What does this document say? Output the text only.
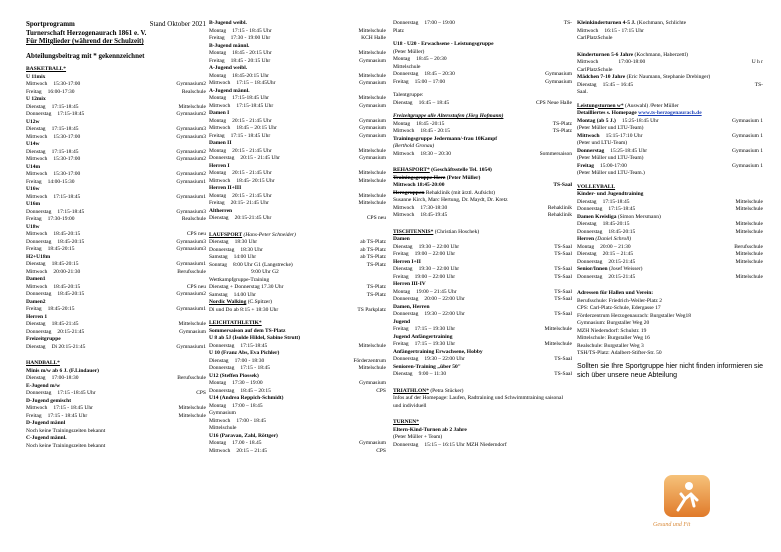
Sportprogramm	Stand Oktober 2021
Turnerschaft Herzogenaurach 1861 e. V.
Für Mitglieder (während der Schulzeit)
Abteilungsbeitrag mit * gekennzeichnet
BASKETBALL*
U 11mix
Mittwoch	15:30-17:00	Gymnasium2
Freitag	16:00-17:30	Realschule
U 12mix
Dienstag	17:15-18:45	Mittelschule
Donnerstag	17:15-18:45	Gymnasium2
U12w
Dienstag	17:15-18:45	Gymnasium3
Mittwoch	15:30-17:00	Gymnasium3
U14w
Dienstag	17:15-18:45	Gymnasium2
Mittwoch	15:30-17:00	Gymnasium2
U14m
Mittwoch	15:30-17:00	Gymnasium2
Freitag	14:00-15:30	Gymnasium1
U16w
Mittwoch	17:15-18:45	Gymnasium1
U16m
Donnerstag	17:15-18:45	Gymnasium3
Freitag	17:30-19:00	Realschule
U18w
Mittwoch	18:45-20:15	CPS neu
Donnerstag	18:45-20:15	Gymnasium3
Freitag	18:45-20:15	Gymnasium3
H2+U18m
Dienstag	18:45-20:15	Gymnasium1
Mittwoch	20:00-21:30	Berufsschule
Damen1
Mittwoch	18:45-20:15	CPS neu
Donnerstag	18:45-20:15	Gymnasium2
Damen2
Freitag	18:45-20:15	Gymnasium1
Herren 1
Dienstag	18:45-21:45	Mittelschule
Donnerstag	20:15-21:45	Gymnasium
Freizeitgruppe
Dienstag	Di 20:15-21:45	Gymnasium1
HANDBALL*
Minis m/w ab 6 J. (F.Lindauer)
Dienstag	17:00-18:30	Berufsschule
E-Jugend m/w
Donnerstag	17:15 -18:45 Uhr	CPS
D-Jugend gemischt
Mittwoch	17:15 - 18:45 Uhr	Mittelschule
Freitag	17:15 - 18:45 Uhr	Mittelschule
D-Jugend männl
Noch keine Trainingszeiten bekannt
C-Jugend männl.
Noch keine Trainingszeiten bekannt
B-Jugend weibl.
Montag	17:15 - 18:45 Uhr	Mittelschule
Freitag	17:30 - 19:00 Uhr	KCH Halle
B-Jugend männl.
Montag	18:45 - 20:15 Uhr	Mittelschule
Freitag	18:45 - 20:15 Uhr	Gymnasium
A-Jugend weibl.
Montag	18:45-20:15 Uhr	Mittelschule
Mittwoch	17:15 – 18:45Uhr	Gymnasium
A-Jugend männl.
Montag	17:15-18:45 Uhr	Mittelschule
Mittwoch	17:15-18:45 Uhr	Gymnasium
Damen I
Montag	20:15 - 21:45 Uhr	Gymnasium
Mittwoch	18:45 – 20:15 Uhr	Gymnasium
Freitag	17:15 - 18:45 Uhr	Gymnasium
Damen II
Montag	20:15 - 21:45 Uhr	Mittelschule
Donnerstag	20:15 - 21:45 Uhr	Gymnasium
Herren I
Montag	20:15 - 21:45 Uhr	Mittelschule
Mittwoch	18:45- 20:15 Uhr	Mittelschule
Herren II+III
Montag	20:15 - 21:45 Uhr	Mittelschule
Freitag	20:15- 21:45 Uhr	Mittelschule
Altherren
Dienstag	20:15-21:45 Uhr	CPS neu
LAUFSPORT (Hans-Peter Schneider)
Dienstag	18:30 Uhr	ab TS-Platz
Donnerstag	18:30 Uhr	ab TS-Platz
Samstag	14:00 Uhr	ab TS-Platz
Sonntag	8:00 Uhr G1 (Langstrecke)	TS-Platz
9:00 Uhr G2
Wettkampfgruppe-Training
Dienstag + Donnerstag 17.30 Uhr	TS-Platz
Samstag	14.00 Uhr	TS-Platz
Nordic Walking (C.Spitzer)
Di und Do ab 8:15 + 18:30 Uhr	TS Parkplatz
LEICHTATHLETIK*
Sommersaison auf dem TS-Platz
U 8 ab 5J (Isolde Hildel, Sabine Strutt)
Donnerstag	17:15-18:45	Mittelschule
U 10 (Franz Abs, Eva Pichler)
Dienstag	17:00 - 18:30	Förderzentrum
Donnerstag	17:15 - 18:45	Mittelschule
U12 (Steffen Piossek)
Montag	17:30 – 19:00	Gymnasium
Donnerstag	18:45 – 20:15	CPS
U14 (Andrea Reppich-Schmidt)
Montag	17:00 – 18:45
Gymnasium
Mittwoch	17:00 - 18:45
Mittelschule
U16 (Paravan, Zahl, Röttger)
Montag	17.00 - 18.45	Gymnasium
Mittwoch	20:15 – 21:45	CPS
Donnerstag	17:00 – 19:00	TS-
Platz
U18 - U20 - Erwachsene - Leistungsgruppe
(Peter Müller)
Montag	18:45 – 20:30
Mittelschule
Donnerstag	18:45 – 20:30	Gymnasium
Freitag	15:00 – 17:00	Gymnasium
Talentgruppe:
Dienstag	16:45 – 18:45	CPS Neue Halle
Freizeitgruppe alle Altersstufen (Jörg Hofmann)
Montag	18:45 -20:15	TS-Platz
Mittwoch	18:45 - 20:15	TS-Platz
Trainingsgruppe Jedermann/-frau 10Kampf
(Berthold Gronau)
Mittwoch	18:30 – 20:30	Sommersaison
REHASPORT* (Geschäftsstelle Tel. 1054)
Trainingsgruppe Herz (Peter Müller)
Mittwoch 18:45-20:00	TS-Saal
Herzgruppen Rehaklinik (mit ärztl. Aufsicht)
Susanne Kirch, Marc Hertung, Dr. Maydt, Dr. Kretz
Mittwoch	17:30-18:30	Rehaklinik
Mittwoch	18:45-19:45	Rehaklinik
TISCHTENNIS* (Christian Hoschek)
Damen
Dienstag	19:30 – 22:00 Uhr	TS-Saal
Freitag	19:00 – 22:00 Uhr	TS-Saal
Herren I+II
Dienstag	19:30 – 22:00 Uhr	TS-Saal
Freitag	19:00 – 22:00 Uhr	TS-Saal
Herren III-IV
Montag	19:00 – 21:45 Uhr	TS-Saal
Donnerstag	20:00 – 22:00 Uhr	TS-Saal
Damen, Herren
Donnerstag	19:30 – 22:00 Uhr	TS-Saal
Jugend
Freitag	17:15 – 19:30 Uhr	Mittelschule
Jugend Anfängertraining
Freitag	17:15 – 19:30 Uhr	Mittelschule
Anfängertraining Erwachsene, Hobby
Donnerstag	19:30 – 22:00 Uhr	TS-Saal
Senioren-Training „über 50"
Dienstag	9:00 – 11:30	TS-Saal
TRIATHLON* (Petra Stücker)
Infos auf der Homepage: Laufen, Radtraining und Schwimmtraining saisonal und individuell
TURNEN*
Eltern-Kind-Turnen ab 2 Jahre
(Peter Müller + Team)
Donnerstag	15:15 – 16:15 Uhr MZH Niederndorf
Kleinkinderturnen 4-5 J. (Kochmann, Schlichte
Mittwoch	16:15 - 17:15 Uhr
CarlPlatzSchule
Kinderturnen 5-6 Jahre (Kochmann, Haberzettl)
Mittwoch	17:00-18:00	U h r
CarlPlatzSchule
Mädchen 7-10 Jahre (Eric Naumann, Stephanie Drebinger)
Dienstag	15:45 – 16:45	TS-
Saal.
Leistungsturnen w* (Auswahl) /Peter Müller
Detailliertes s. Homepage www.ts-herzogenaurach.de
Montag (ab 5 J.)	15:25-18:45 Uhr	Gymnasium 1
(Peter Müller und LTU-Team)
Mittwoch	15:15-17:10 Uhr	Gymnasium 1
(Peter und LTU-Team)
Donnerstag	15:25-18:45 Uhr	Gymnasium 1
(Peter Müller und LTU-Team)
Freitag	15:00-17:00	Gymnasium 1
(Peter Müller und LTU-Team.)
VOLLEYBALL
Kinder- und Jugendtraining
Dienstag	17:15-18:45	Mittelschule
Donnerstag	17:15-18:45	Mittelschule
Damen Kreisliga (Simon Mersmann)
Dienstag	18:45-20:15	Mittelschule
Donnerstag	18:45-20:15	Mittelschule
Herren (Daniel Schroll)
Montag	20:00 – 21:30	Berufsschule
Dienstag	20:15 – 21:45	Mittelschule
Donnerstag	20:15-21:45	Mittelschule
Senior/Innen (Josef Weisser)
Donnerstag	20:15-21:45	Mittelschule
Adressen für Hallen und Verein:
Berufsschule: Friedrich-Weiler-Platz 2
CPS: Carl-Platz-Schule, Edergasse 17
Förderzentrum Herzogenaurach: Burgstaller Weg18
Gymnasium: Burgstaller Weg 20
MZH Niederndorf: Schulstr. 19
Mittelschule: Burgstaller Weg 16
Realschule: Burgstaller Weg 3
TSH/TS-Platz: Adalbert-Stifter-Str. 50
Sollten sie Ihre Sportgruppe hier nicht finden informieren sie sich über unsere neue Abteilung
Gesund und Fit
